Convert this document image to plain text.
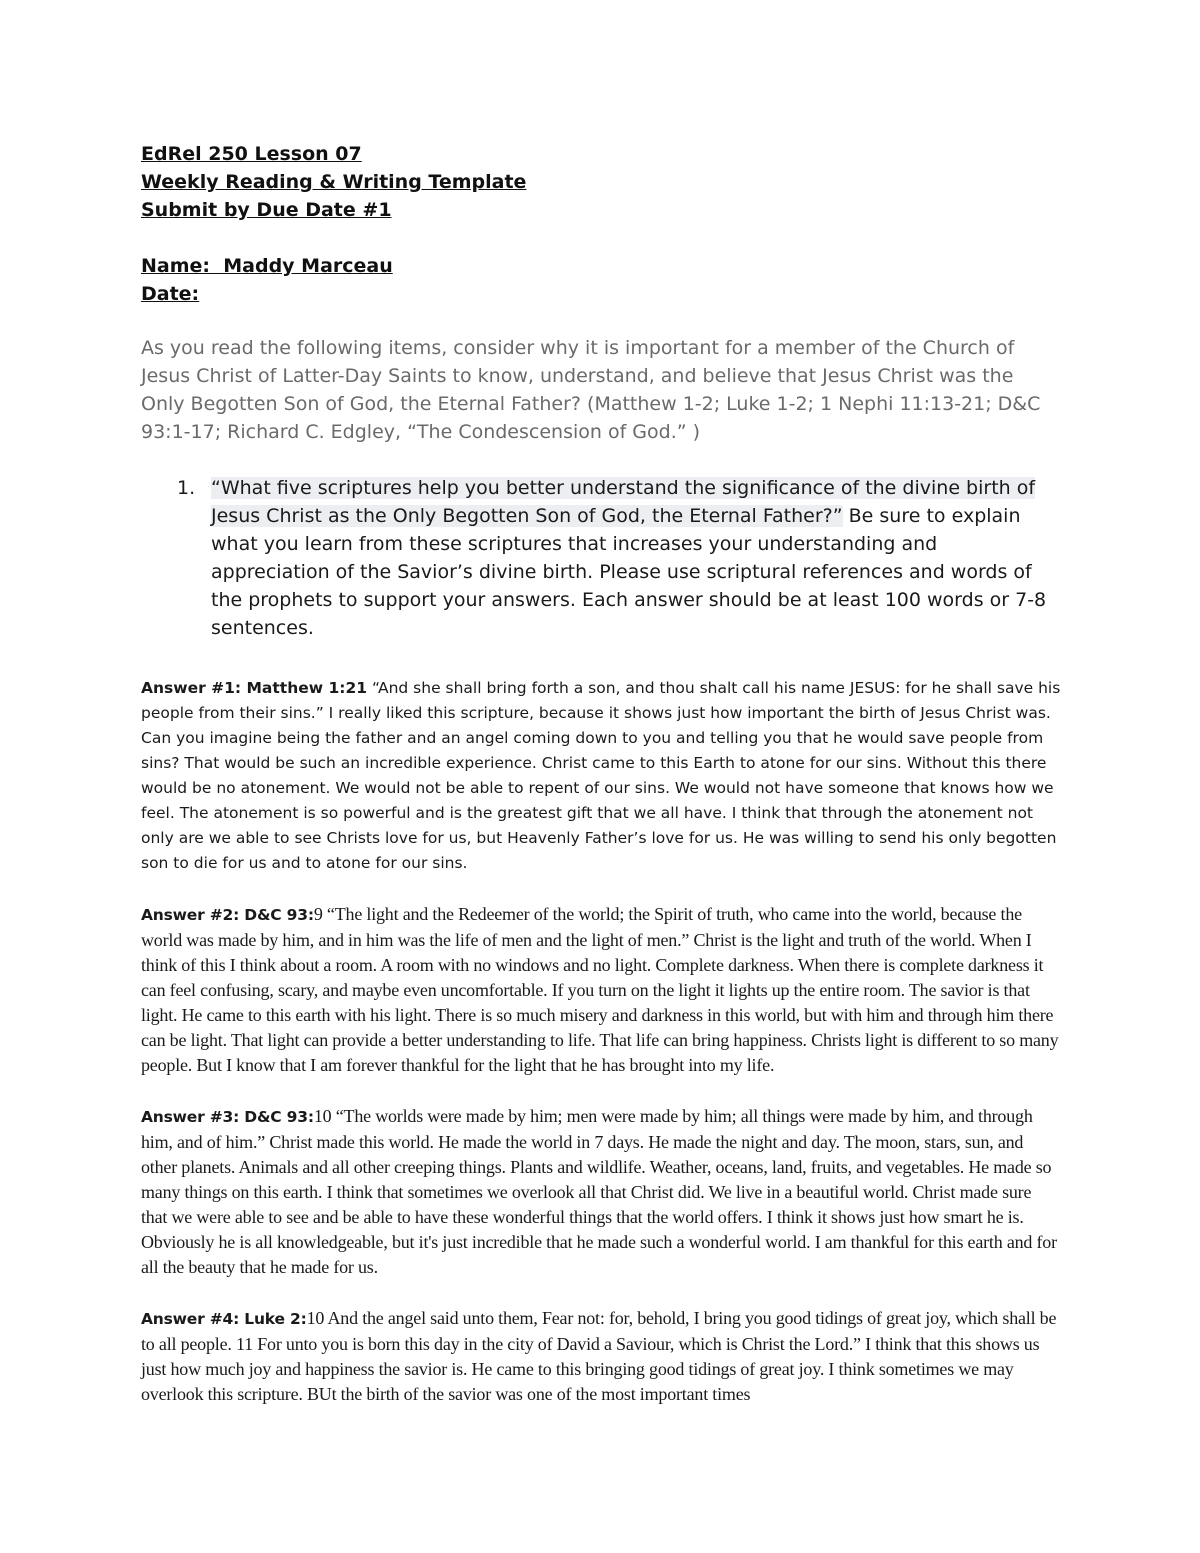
EdRel 250 Lesson 07

Weekly Reading & Writing Template

Submit by Due Date #1

Name:  Maddy Marceau

Date:

As you read the following items, consider why it is important for a member of the Church of Jesus Christ of Latter-Day Saints to know, understand, and believe that Jesus Christ was the Only Begotten Son of God, the Eternal Father? (Matthew 1-2; Luke 1-2; 1 Nephi 11:13-21; D&C 93:1-17; Richard C. Edgley, “The Condescension of God.” )

1. “What five scriptures help you better understand the significance of the divine birth of Jesus Christ as the Only Begotten Son of God, the Eternal Father?” Be sure to explain what you learn from these scriptures that increases your understanding and appreciation of the Savior’s divine birth. Please use scriptural references and words of the prophets to support your answers. Each answer should be at least 100 words or 7-8 sentences.
Answer #1: Matthew 1:21 “And she shall bring forth a son, and thou shalt call his name JESUS: for he shall save his people from their sins.” I really liked this scripture, because it shows just how important the birth of Jesus Christ was. Can you imagine being the father and an angel coming down to you and telling you that he would save people from sins? That would be such an incredible experience. Christ came to this Earth to atone for our sins. Without this there would be no atonement. We would not be able to repent of our sins. We would not have someone that knows how we feel. The atonement is so powerful and is the greatest gift that we all have. I think that through the atonement not only are we able to see Christs love for us, but Heavenly Father’s love for us. He was willing to send his only begotten son to die for us and to atone for our sins.
Answer #2: D&C 93:9 “The light and the Redeemer of the world; the Spirit of truth, who came into the world, because the world was made by him, and in him was the life of men and the light of men.” Christ is the light and truth of the world. When I think of this I think about a room. A room with no windows and no light. Complete darkness. When there is complete darkness it can feel confusing, scary, and maybe even uncomfortable. If you turn on the light it lights up the entire room. The savior is that light. He came to this earth with his light. There is so much misery and darkness in this world, but with him and through him there can be light. That light can provide a better understanding to life. That life can bring happiness. Christs light is different to so many people. But I know that I am forever thankful for the light that he has brought into my life.
Answer #3: D&C 93:10 “The worlds were made by him; men were made by him; all things were made by him, and through him, and of him.” Christ made this world. He made the world in 7 days. He made the night and day. The moon, stars, sun, and other planets. Animals and all other creeping things. Plants and wildlife. Weather, oceans, land, fruits, and vegetables. He made so many things on this earth. I think that sometimes we overlook all that Christ did. We live in a beautiful world. Christ made sure that we were able to see and be able to have these wonderful things that the world offers. I think it shows just how smart he is. Obviously he is all knowledgeable, but it's just incredible that he made such a wonderful world. I am thankful for this earth and for all the beauty that he made for us.
Answer #4: Luke 2:10 And the angel said unto them, Fear not: for, behold, I bring you good tidings of great joy, which shall be to all people. 11 For unto you is born this day in the city of David a Saviour, which is Christ the Lord.” I think that this shows us just how much joy and happiness the savior is. He came to this bringing good tidings of great joy. I think sometimes we may overlook this scripture. BUt the birth of the savior was one of the most important times
